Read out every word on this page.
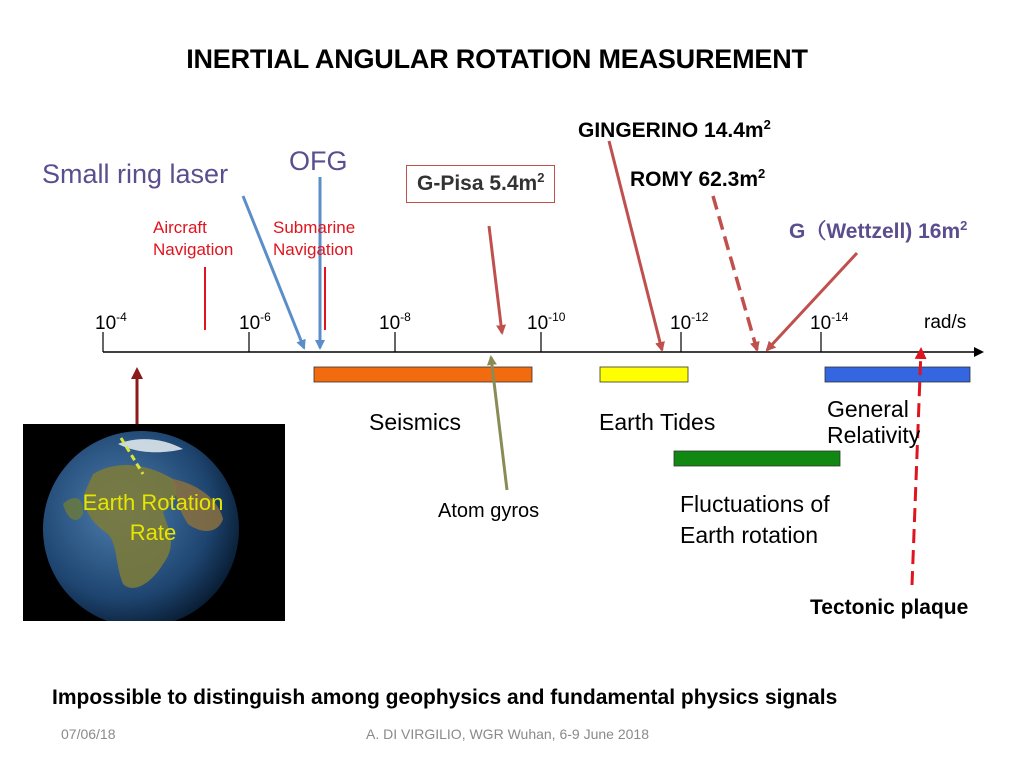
INERTIAL ANGULAR ROTATION MEASUREMENT
$10^{-4}$	$10^{-6}$	$10^{-8}$	$10^{-10}$	$10^{-12}$	$10^{-14}$	rad/s
Small ring laser OFG
Aircraft Navigation
Submarine Navigation
G-Pisa $5.4m^2$
GINGERINO $14.4m^2$
ROMY $62.3m^2$
G（Wettzell) $16m^2$
Seismics	Earth Tides	General Relativity
Fluctuations of Earth rotation
Atom gyros
Tectonic plaque
Earth Rotation Rate
Impossible to distinguish among geophysics and fundamental physics signals
07/06/18	A. DI VIRGILIO, WGR Wuhan, 6-9 June 2018
